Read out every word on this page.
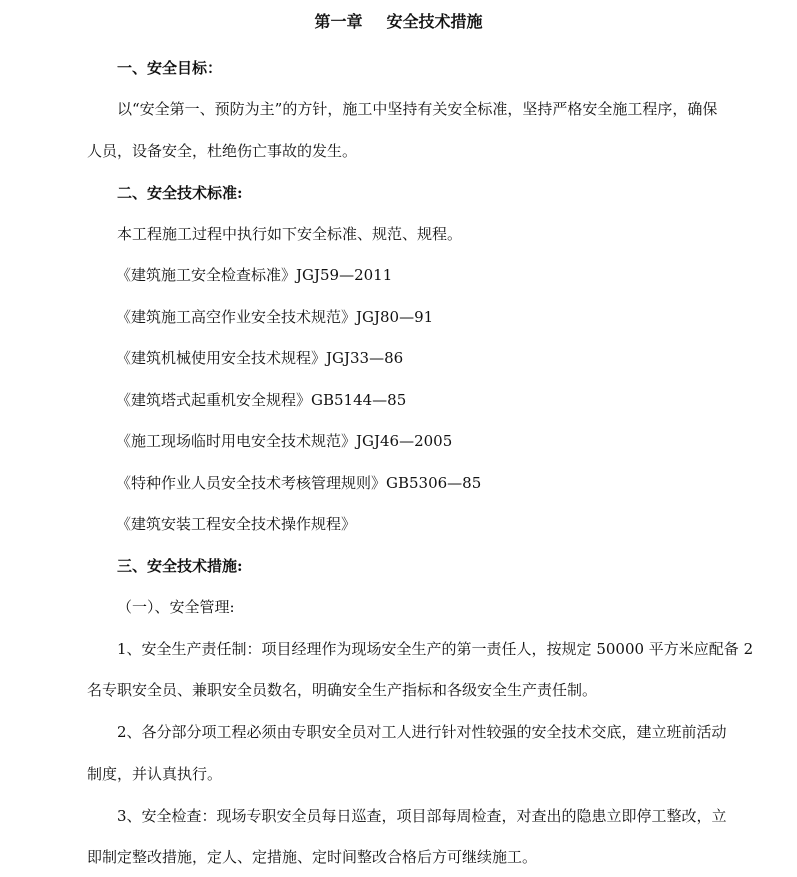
第一章 安全技术措施
一、安全目标：
以“安全第一、预防为主”的方针，施工中坚持有关安全标准，坚持严格安全施工程序，确保
人员，设备安全，杜绝伤亡事故的发生。
二、安全技术标准:
本工程施工过程中执行如下安全标准、规范、规程。
《建筑施工安全检查标准》JGJ59—2011
《建筑施工高空作业安全技术规范》JGJ80—91
《建筑机械使用安全技术规程》JGJ33—86
《建筑塔式起重机安全规程》GB5144—85
《施工现场临时用电安全技术规范》JGJ46—2005
《特种作业人员安全技术考核管理规则》GB5306—85
《建筑安装工程安全技术操作规程》
三、安全技术措施:
（一）、安全管理:
1、安全生产责任制：项目经理作为现场安全生产的第一责任人，按规定 50000 平方米应配备 2
名专职安全员、兼职安全员数名，明确安全生产指标和各级安全生产责任制。
2、各分部分项工程必须由专职安全员对工人进行针对性较强的安全技术交底，建立班前活动
制度，并认真执行。
3、安全检查：现场专职安全员每日巡查，项目部每周检查，对查出的隐患立即停工整改，立
即制定整改措施，定人、定措施、定时间整改合格后方可继续施工。
